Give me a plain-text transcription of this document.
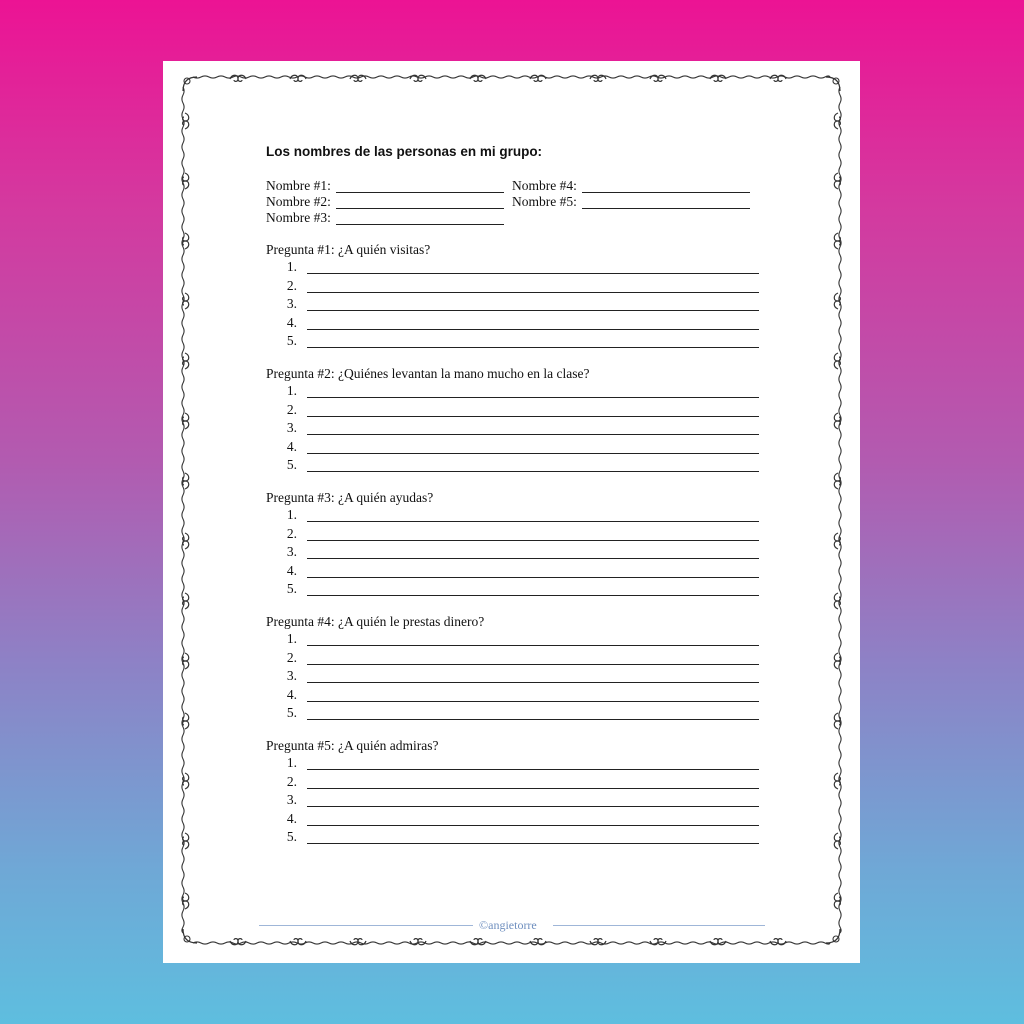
Los nombres de las personas en mi grupo:
Nombre #1:
Nombre #2:
Nombre #3:
Nombre #4:
Nombre #5:
Pregunta #1: ¿A quién visitas?
1.
2.
3.
4.
5.
Pregunta #2: ¿Quiénes levantan la mano mucho en la clase?
1.
2.
3.
4.
5.
Pregunta #3: ¿A quién ayudas?
1.
2.
3.
4.
5.
Pregunta #4: ¿A quién le prestas dinero?
1.
2.
3.
4.
5.
Pregunta #5: ¿A quién admiras?
1.
2.
3.
4.
5.
©angietorre
